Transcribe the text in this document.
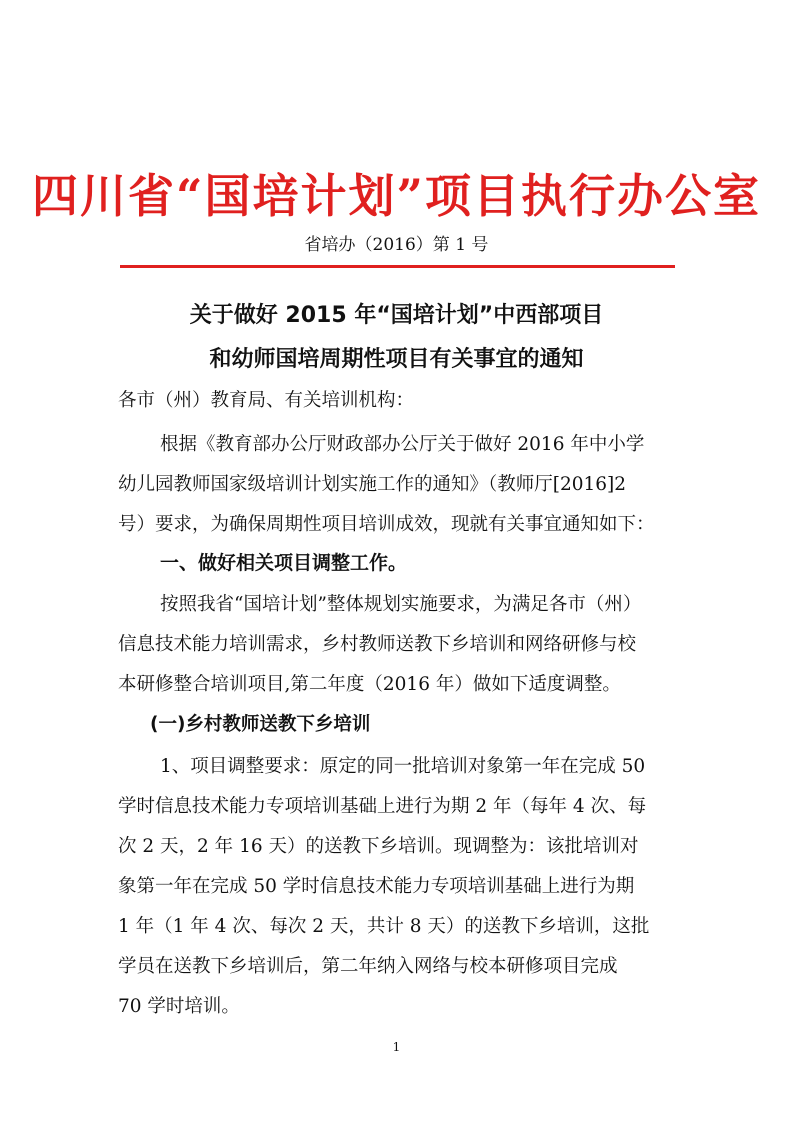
四川省“国培计划”项目执行办公室
省培办（2016）第 1 号
关于做好 2015 年“国培计划”中西部项目
和幼师国培周期性项目有关事宜的通知
各市（州）教育局、有关培训机构：
根据《教育部办公厅财政部办公厅关于做好 2016 年中小学
幼儿园教师国家级培训计划实施工作的通知》（教师厅[2016]2
号）要求，为确保周期性项目培训成效，现就有关事宜通知如下：
一、做好相关项目调整工作。
按照我省“国培计划”整体规划实施要求，为满足各市（州）
信息技术能力培训需求，乡村教师送教下乡培训和网络研修与校
本研修整合培训项目,第二年度（2016 年）做如下适度调整。
(一)乡村教师送教下乡培训
1、项目调整要求：原定的同一批培训对象第一年在完成 50
学时信息技术能力专项培训基础上进行为期 2 年（每年 4 次、每
次 2 天，2 年 16 天）的送教下乡培训。现调整为：该批培训对
象第一年在完成 50 学时信息技术能力专项培训基础上进行为期
1 年（1 年 4 次、每次 2 天，共计 8 天）的送教下乡培训，这批
学员在送教下乡培训后，第二年纳入网络与校本研修项目完成
70 学时培训。
1
